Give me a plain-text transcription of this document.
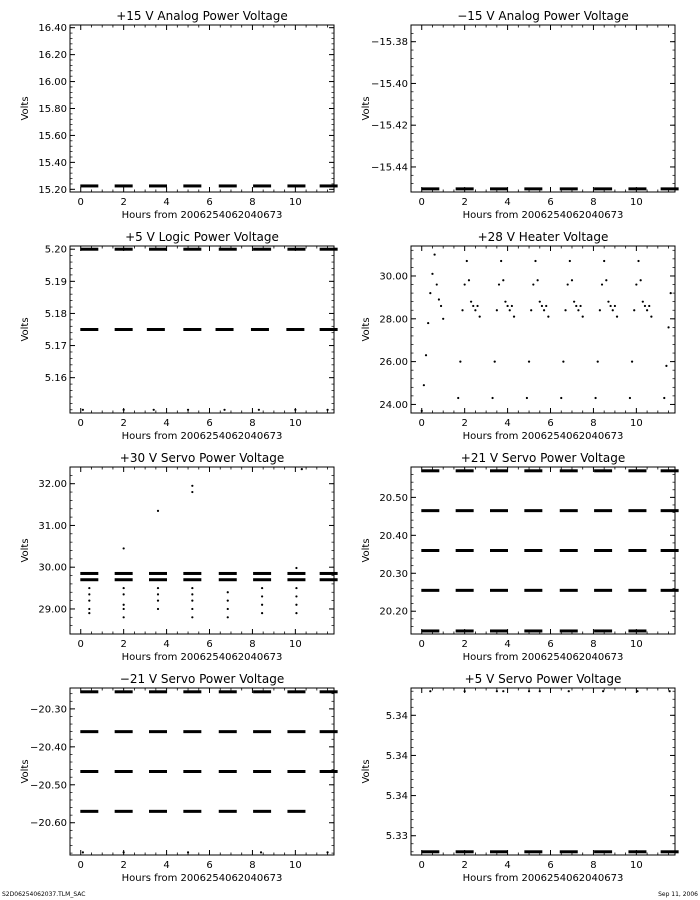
+15 V Analog Power Voltage
0	2	4	6	8	10
15.20
15.40
15.60
15.80
16.00
16.20
16.40
Hours from 2006254062040673
Volts
−15 V Analog Power Voltage
0	2	4	6	8	10
−15.44
−15.42
−15.40
−15.38
Hours from 2006254062040673
Volts
+5 V Logic Power Voltage
0	2	4	6	8	10
5.16
5.17
5.18
5.19
5.20
Hours from 2006254062040673
Volts
+28 V Heater Voltage
0	2	4	6	8	10
24.00
26.00
28.00
30.00
Hours from 2006254062040673
Volts
+30 V Servo Power Voltage
0	2	4	6	8	10
29.00
30.00
31.00
32.00
Hours from 2006254062040673
Volts
+21 V Servo Power Voltage
0	2	4	6	8	10
20.20
20.30
20.40
20.50
Hours from 2006254062040673
Volts
−21 V Servo Power Voltage
0	2	4	6	8	10
−20.60
−20.50
−20.40
−20.30
Hours from 2006254062040673
Volts
+5 V Servo Power Voltage
0	2	4	6	8	10
5.33
5.34
5.34
5.34
Hours from 2006254062040673
Volts
S2D06254062037.TLM_SAC	Sep 11, 2006
